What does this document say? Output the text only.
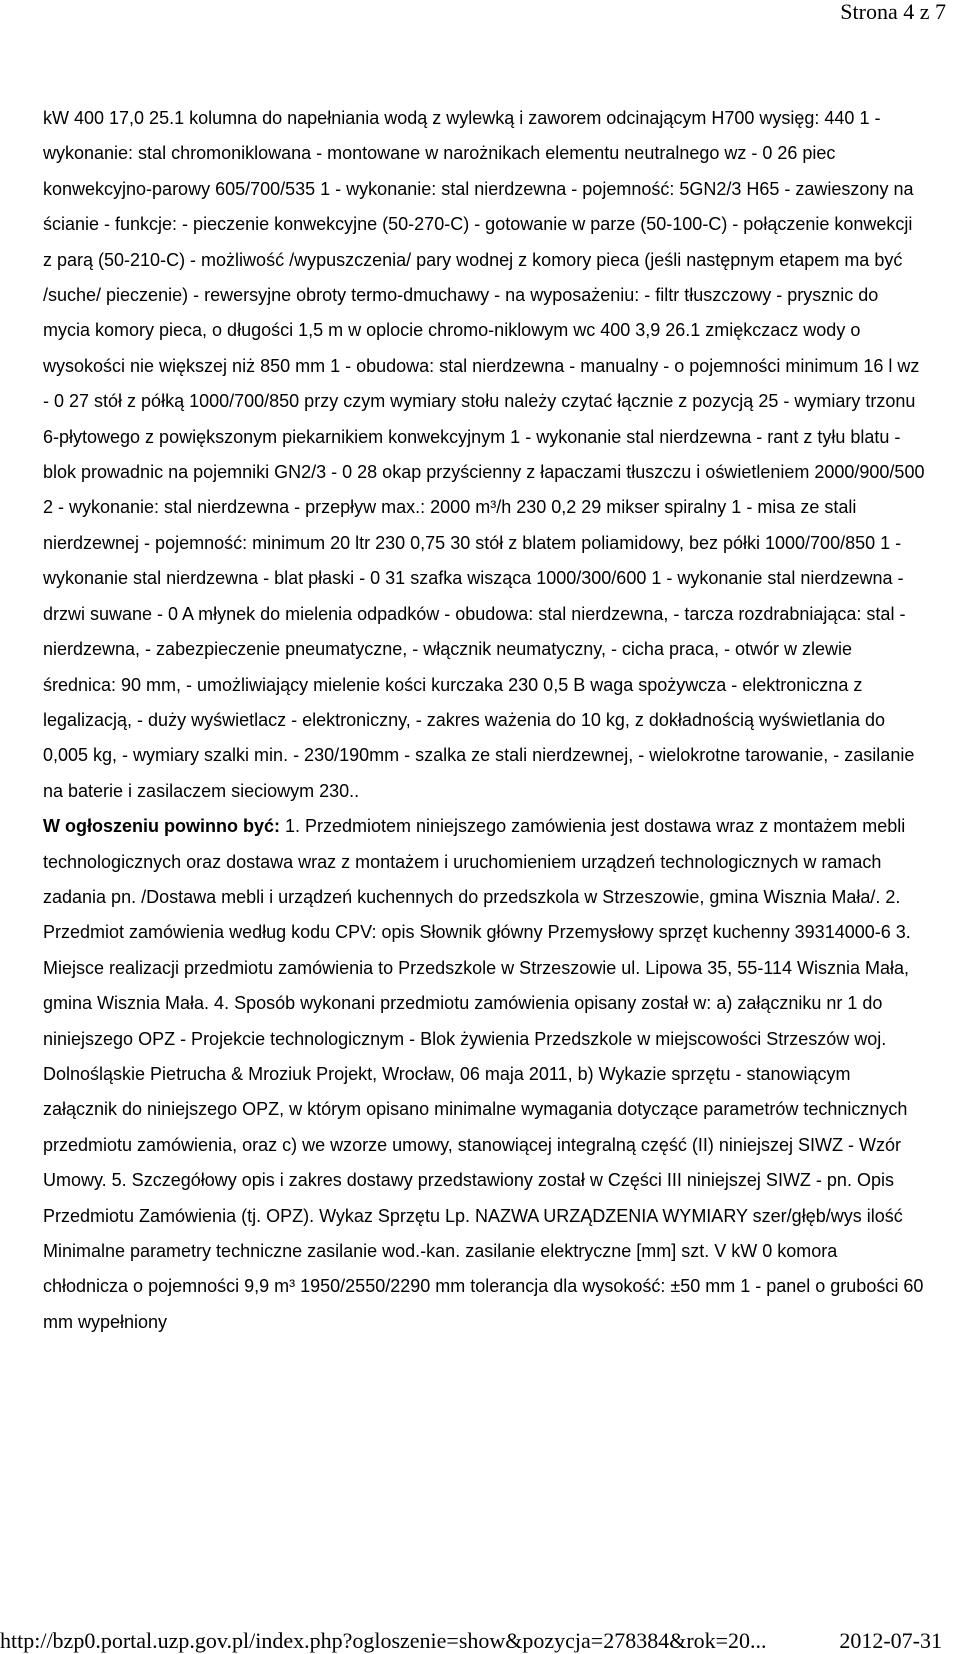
Strona 4 z 7

kW 400 17,0 25.1 kolumna do napełniania wodą z wylewką i zaworem odcinającym H700 wysięg: 440 1 - wykonanie: stal chromoniklowana - montowane w narożnikach elementu neutralnego wz - 0 26 piec konwekcyjno-parowy 605/700/535 1 - wykonanie: stal nierdzewna - pojemność: 5GN2/3 H65 - zawieszony na ścianie - funkcje: - pieczenie konwekcyjne (50-270-C) - gotowanie w parze (50-100-C) - połączenie konwekcji z parą (50-210-C) - możliwość /wypuszczenia/ pary wodnej z komory pieca (jeśli następnym etapem ma być /suche/ pieczenie) - rewersyjne obroty termo-dmuchawy - na wyposażeniu: - filtr tłuszczowy - prysznic do mycia komory pieca, o długości 1,5 m w oplocie chromo-niklowym wc 400 3,9 26.1 zmiękczacz wody o wysokości nie większej niż 850 mm 1 - obudowa: stal nierdzewna - manualny - o pojemności minimum 16 l wz - 0 27 stół z półką 1000/700/850 przy czym wymiary stołu należy czytać łącznie z pozycją 25 - wymiary trzonu 6-płytowego z powiększonym piekarnikiem konwekcyjnym 1 - wykonanie stal nierdzewna - rant z tyłu blatu - blok prowadnic na pojemniki GN2/3 - 0 28 okap przyścienny z łapaczami tłuszczu i oświetleniem 2000/900/500 2 - wykonanie: stal nierdzewna - przepływ max.: 2000 m³/h 230 0,2 29 mikser spiralny 1 - misa ze stali nierdzewnej - pojemność: minimum 20 ltr 230 0,75 30 stół z blatem poliamidowy, bez półki 1000/700/850 1 - wykonanie stal nierdzewna - blat płaski - 0 31 szafka wisząca 1000/300/600 1 - wykonanie stal nierdzewna - drzwi suwane - 0 A młynek do mielenia odpadków - obudowa: stal nierdzewna, - tarcza rozdrabniająca: stal - nierdzewna, - zabezpieczenie pneumatyczne, - włącznik neumatyczny, - cicha praca, - otwór w zlewie średnica: 90 mm, - umożliwiający mielenie kości kurczaka 230 0,5 B waga spożywcza - elektroniczna z legalizacją, - duży wyświetlacz - elektroniczny, - zakres ważenia do 10 kg, z dokładnością wyświetlania do 0,005 kg, - wymiary szalki min. - 230/190mm - szalka ze stali nierdzewnej, - wielokrotne tarowanie, - zasilanie na baterie i zasilaczem sieciowym 230..

W ogłoszeniu powinno być: 1. Przedmiotem niniejszego zamówienia jest dostawa wraz z montażem mebli technologicznych oraz dostawa wraz z montażem i uruchomieniem urządzeń technologicznych w ramach zadania pn. /Dostawa mebli i urządzeń kuchennych do przedszkola w Strzeszowie, gmina Wisznia Mała/. 2. Przedmiot zamówienia według kodu CPV: opis Słownik główny Przemysłowy sprzęt kuchenny 39314000-6 3. Miejsce realizacji przedmiotu zamówienia to Przedszkole w Strzeszowie ul. Lipowa 35, 55-114 Wisznia Mała, gmina Wisznia Mała. 4. Sposób wykonani przedmiotu zamówienia opisany został w: a) załączniku nr 1 do niniejszego OPZ - Projekcie technologicznym - Blok żywienia Przedszkole w miejscowości Strzeszów woj. Dolnośląskie Pietrucha & Mroziuk Projekt, Wrocław, 06 maja 2011, b) Wykazie sprzętu - stanowiącym załącznik do niniejszego OPZ, w którym opisano minimalne wymagania dotyczące parametrów technicznych przedmiotu zamówienia, oraz c) we wzorze umowy, stanowiącej integralną część (II) niniejszej SIWZ - Wzór Umowy. 5. Szczegółowy opis i zakres dostawy przedstawiony został w Części III niniejszej SIWZ - pn. Opis Przedmiotu Zamówienia (tj. OPZ). Wykaz Sprzętu Lp. NAZWA URZĄDZENIA WYMIARY szer/głęb/wys ilość Minimalne parametry techniczne zasilanie wod.-kan. zasilanie elektryczne [mm] szt. V kW 0 komora chłodnicza o pojemności 9,9 m³ 1950/2550/2290 mm tolerancja dla wysokość: ±50 mm 1 - panel o grubości 60 mm wypełniony

http://bzp0.portal.uzp.gov.pl/index.php?ogloszenie=show&pozycja=278384&rok=20...	2012-07-31
